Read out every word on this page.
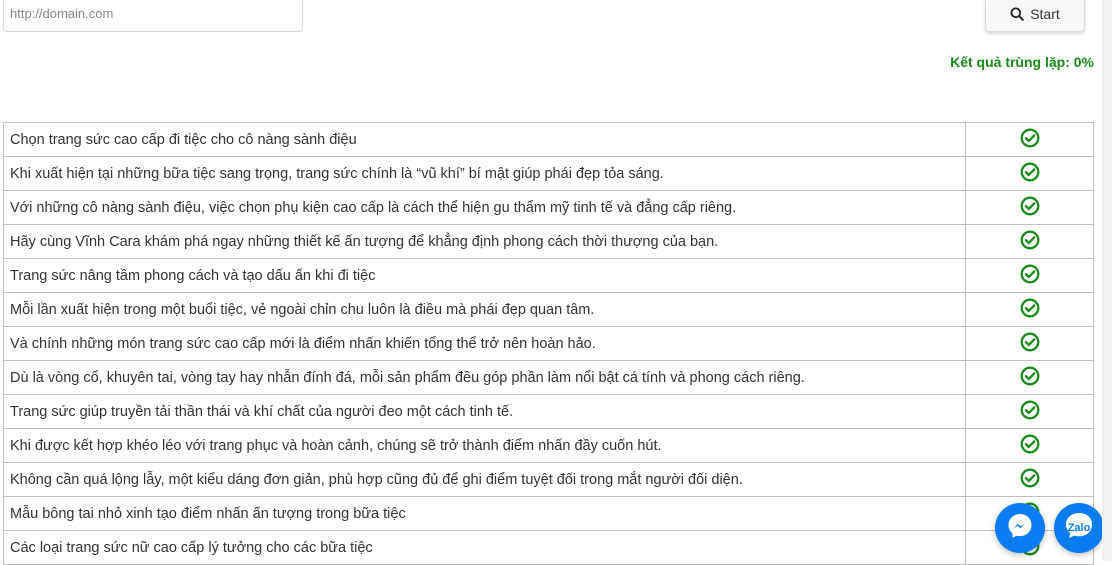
http://domain.com
Start
Kết quả trùng lặp: 0%
Chọn trang sức cao cấp đi tiệc cho cô nàng sành điệu	
Khi xuất hiện tại những bữa tiệc sang trọng, trang sức chính là “vũ khí” bí mật giúp phái đẹp tỏa sáng.	
Với những cô nàng sành điệu, việc chọn phụ kiện cao cấp là cách thể hiện gu thẩm mỹ tinh tế và đẳng cấp riêng.	
Hãy cùng Vĩnh Cara khám phá ngay những thiết kế ấn tượng để khẳng định phong cách thời thượng của bạn.	
Trang sức nâng tầm phong cách và tạo dấu ấn khi đi tiệc	
Mỗi lần xuất hiện trong một buổi tiệc, vẻ ngoài chỉn chu luôn là điều mà phái đẹp quan tâm.	
Và chính những món trang sức cao cấp mới là điểm nhấn khiến tổng thể trở nên hoàn hảo.	
Dù là vòng cổ, khuyên tai, vòng tay hay nhẫn đính đá, mỗi sản phẩm đều góp phần làm nổi bật cá tính và phong cách riêng.	
Trang sức giúp truyền tải thần thái và khí chất của người đeo một cách tinh tế.	
Khi được kết hợp khéo léo với trang phục và hoàn cảnh, chúng sẽ trở thành điểm nhấn đầy cuốn hút.	
Không cần quá lộng lẫy, một kiểu dáng đơn giản, phù hợp cũng đủ để ghi điểm tuyệt đối trong mắt người đối diện.	
Mẫu bông tai nhỏ xinh tạo điểm nhấn ấn tượng trong bữa tiệc	
Các loại trang sức nữ cao cấp lý tưởng cho các bữa tiệc	
Zalo
